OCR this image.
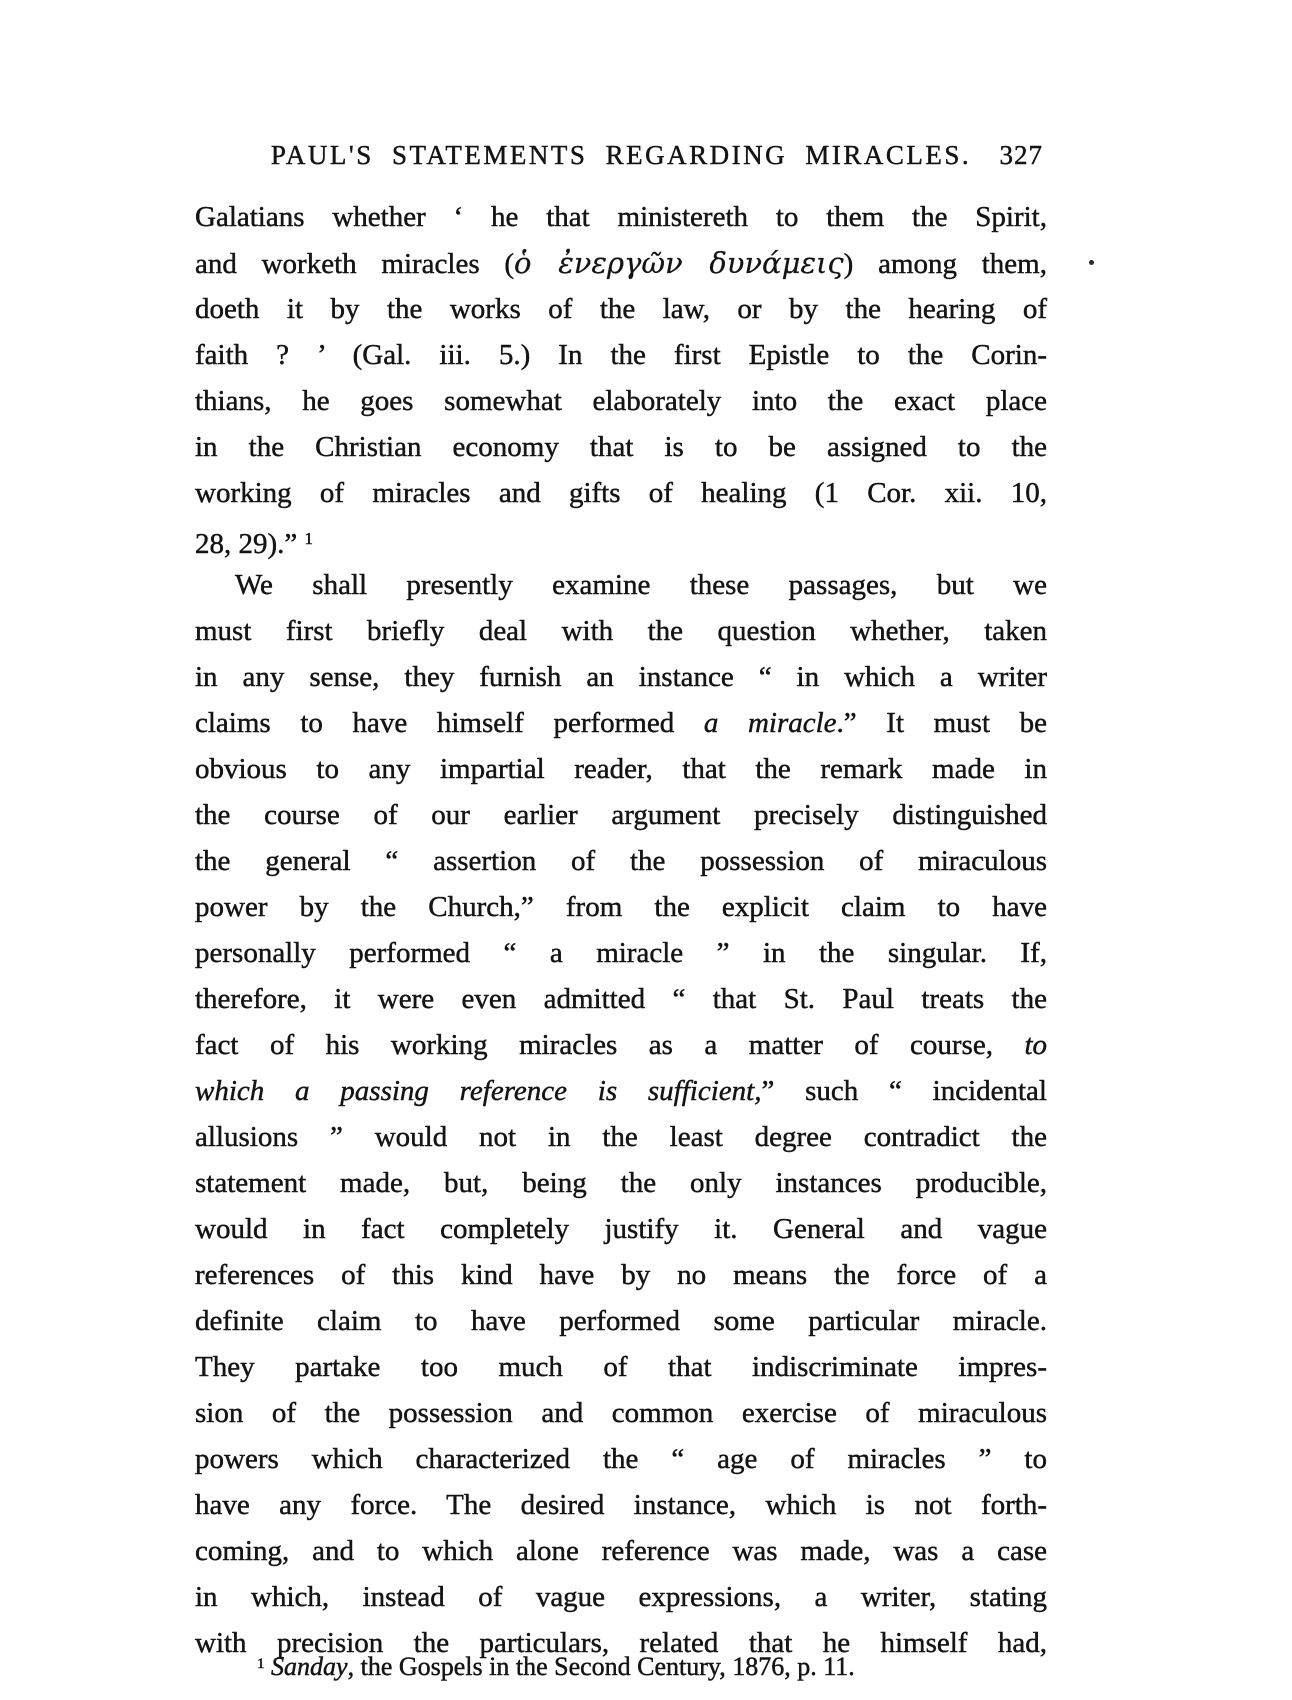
PAUL'S STATEMENTS REGARDING MIRACLES. 327
Galatians whether ‘ he that ministereth to them the Spirit,
and worketh miracles (ὁ ἐνεργῶν δυνάμεις) among them,
doeth it by the works of the law, or by the hearing of
faith ? ’ (Gal. iii. 5.) In the first Epistle to the Corin-
thians, he goes somewhat elaborately into the exact place
in the Christian economy that is to be assigned to the
working of miracles and gifts of healing (1 Cor. xii. 10,
28, 29).” $^1$
We shall presently examine these passages, but we
must first briefly deal with the question whether, taken
in any sense, they furnish an instance “ in which a writer
claims to have himself performed a miracle.” It must be
obvious to any impartial reader, that the remark made in
the course of our earlier argument precisely distinguished
the general “ assertion of the possession of miraculous
power by the Church,” from the explicit claim to have
personally performed “ a miracle ” in the singular. If,
therefore, it were even admitted “ that St. Paul treats the
fact of his working miracles as a matter of course, to
which a passing reference is sufficient,” such “ incidental
allusions ” would not in the least degree contradict the
statement made, but, being the only instances producible,
would in fact completely justify it. General and vague
references of this kind have by no means the force of a
definite claim to have performed some particular miracle.
They partake too much of that indiscriminate impres-
sion of the possession and common exercise of miraculous
powers which characterized the “ age of miracles ” to
have any force. The desired instance, which is not forth-
coming, and to which alone reference was made, was a case
in which, instead of vague expressions, a writer, stating
with precision the particulars, related that he himself had,
$^1$ Sanday, the Gospels in the Second Century, 1876, p. 11.
